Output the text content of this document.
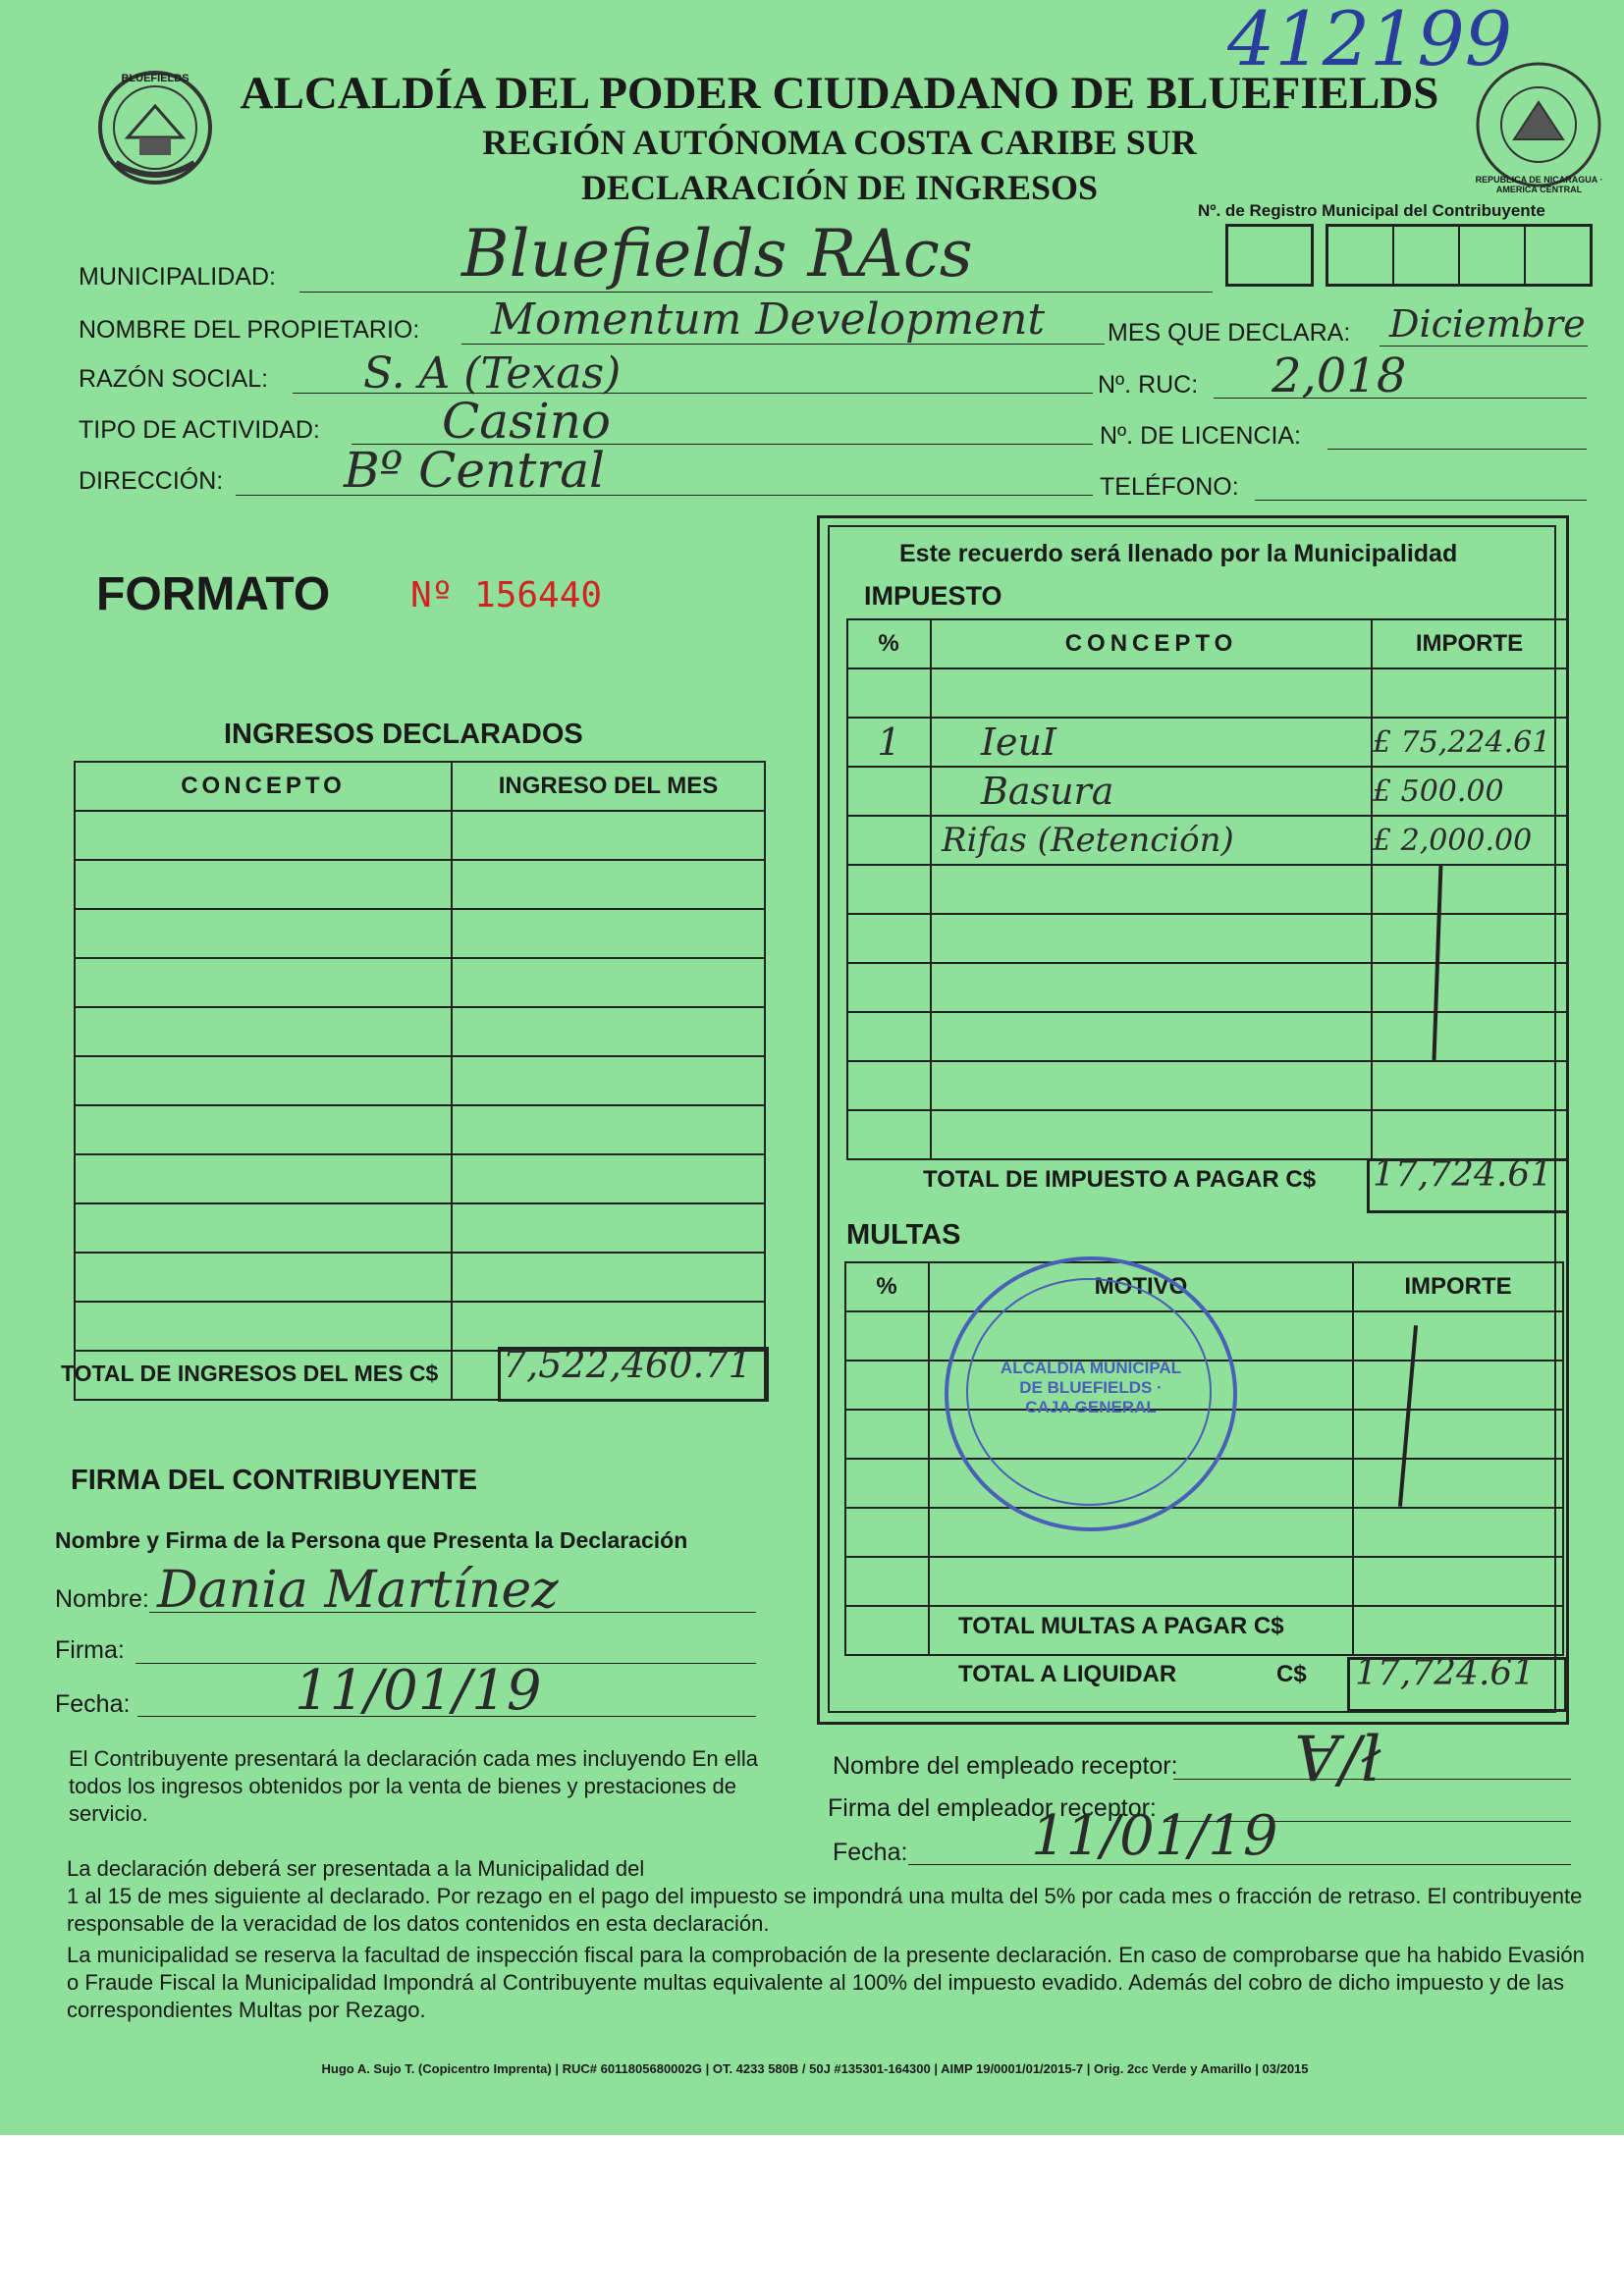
412199
BLUEFIELDS
REPUBLICA DE NICARAGUA · AMERICA CENTRAL
ALCALDÍA DEL PODER CIUDADANO DE BLUEFIELDS
REGIÓN AUTÓNOMA COSTA CARIBE SUR
DECLARACIÓN DE INGRESOS
Nº. de Registro Municipal del Contribuyente
MUNICIPALIDAD:	Bluefields RAcs
NOMBRE DEL PROPIETARIO: Momentum Development	MES QUE DECLARA: Diciembre
RAZÓN SOCIAL: S. A (Texas)	Nº. RUC: 2,018
TIPO DE ACTIVIDAD: Casino	Nº. DE LICENCIA:
DIRECCIÓN: Bº Central	TELÉFONO:
FORMATO Nº 156440
INGRESOS DECLARADOS
CONCEPTO	INGRESO DEL MES

TOTAL DE INGRESOS DEL MES C$ 7,522,460.71
Este recuerdo será llenado por la Municipalidad
IMPUESTO
%	CONCEPTO	IMPORTE

1	IeuI	£ 75,224.61
	Basura	£ 500.00
	Rifas (Retención)	£ 2,000.00

TOTAL DE IMPUESTO A PAGAR C$ 17,724.61
MULTAS
%	MOTIVO	IMPORTE

ALCALDIA MUNICIPAL DE BLUEFIELDS · CAJA GENERAL
TOTAL MULTAS A PAGAR C$
TOTAL A LIQUIDAR	C$ 17,724.61
FIRMA DEL CONTRIBUYENTE
Nombre y Firma de la Persona que Presenta la Declaración
Nombre: Dania Martínez
Firma:
Fecha:	11/01/19
Nombre del empleado receptor: Ɐ/ł
Firma del empleador receptor:
Fecha: 11/01/19
El Contribuyente presentará la declaración cada mes incluyendo En ella todos los ingresos obtenidos por la venta de bienes y prestaciones de servicio.
La declaración deberá ser presentada a la Municipalidad del
1 al 15 de mes siguiente al declarado. Por rezago en el pago del impuesto se impondrá una multa del 5% por cada mes o fracción de retraso. El contribuyente responsable de la veracidad de los datos contenidos en esta declaración.
La municipalidad se reserva la facultad de inspección fiscal para la comprobación de la presente declaración. En caso de comprobarse que ha habido Evasión o Fraude Fiscal la Municipalidad Impondrá al Contribuyente multas equivalente al 100% del impuesto evadido. Además del cobro de dicho impuesto y de las correspondientes Multas por Rezago.
Hugo A. Sujo T. (Copicentro Imprenta) | RUC# 6011805680002G | OT. 4233 580B / 50J #135301-164300 | AIMP 19/0001/01/2015-7 | Orig. 2cc Verde y Amarillo | 03/2015
